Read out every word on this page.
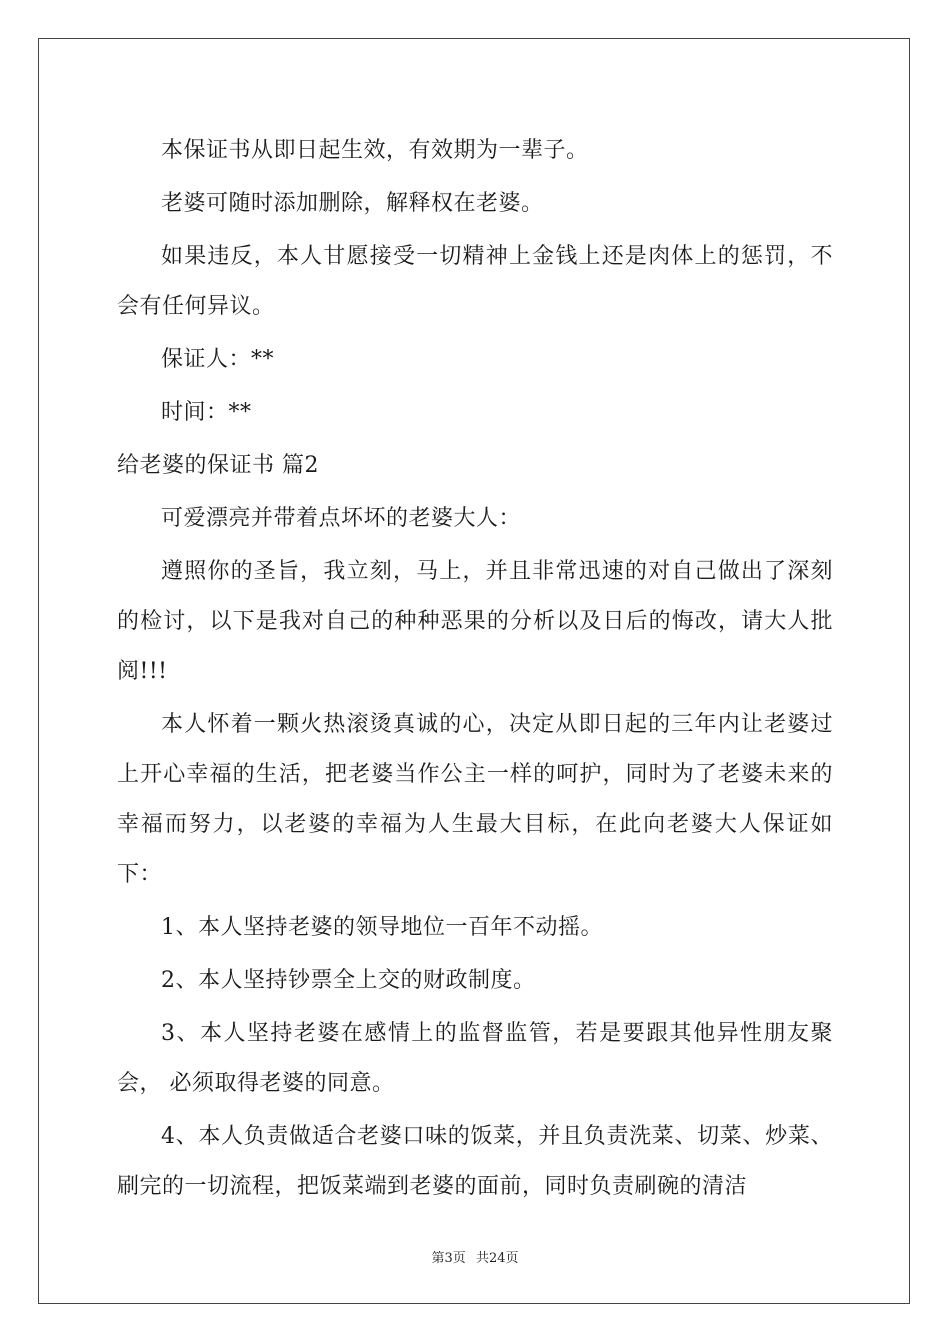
本保证书从即日起生效，有效期为一辈子。

老婆可随时添加删除，解释权在老婆。

如果违反，本人甘愿接受一切精神上金钱上还是肉体上的惩罚，不会有任何异议。

保证人：**

时间：**

给老婆的保证书 篇2

可爱漂亮并带着点坏坏的老婆大人：

遵照你的圣旨，我立刻，马上，并且非常迅速的对自己做出了深刻的检讨，以下是我对自己的种种恶果的分析以及日后的悔改，请大人批阅!!!

本人怀着一颗火热滚烫真诚的心，决定从即日起的三年内让老婆过上开心幸福的生活，把老婆当作公主一样的呵护，同时为了老婆未来的幸福而努力，以老婆的幸福为人生最大目标，在此向老婆大人保证如下：

1、本人坚持老婆的领导地位一百年不动摇。

2、本人坚持钞票全上交的财政制度。

3、本人坚持老婆在感情上的监督监管，若是要跟其他异性朋友聚会， 必须取得老婆的同意。

4、本人负责做适合老婆口味的饭菜，并且负责洗菜、切菜、炒菜、刷完的一切流程，把饭菜端到老婆的面前，同时负责刷碗的清洁

第3页 共24页
